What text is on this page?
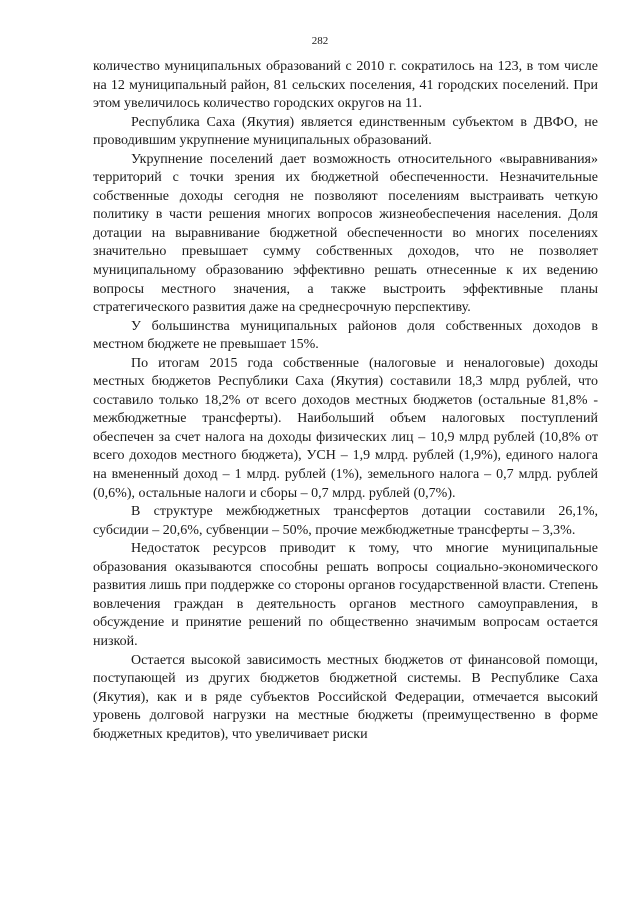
282

количество муниципальных образований с 2010 г. сократилось на 123, в том числе на 12 муниципальный район, 81 сельских поселения, 41 городских поселений. При этом увеличилось количество городских округов на 11.

Республика Саха (Якутия) является единственным субъектом в ДВФО, не проводившим укрупнение муниципальных образований.

Укрупнение поселений дает возможность относительного «выравнивания» территорий с точки зрения их бюджетной обеспеченности. Незначительные собственные доходы сегодня не позволяют поселениям выстраивать четкую политику в части решения многих вопросов жизнеобеспечения населения. Доля дотации на выравнивание бюджетной обеспеченности во многих поселениях значительно превышает сумму собственных доходов, что не позволяет муниципальному образованию эффективно решать отнесенные к их ведению вопросы местного значения, а также выстроить эффективные планы стратегического развития даже на среднесрочную перспективу.

У большинства муниципальных районов доля собственных доходов в местном бюджете не превышает 15%.

По итогам 2015 года собственные (налоговые и неналоговые) доходы местных бюджетов Республики Саха (Якутия) составили 18,3 млрд рублей, что составило только 18,2% от всего доходов местных бюджетов (остальные 81,8% - межбюджетные трансферты). Наибольший объем налоговых поступлений обеспечен за счет налога на доходы физических лиц – 10,9 млрд рублей (10,8% от всего доходов местного бюджета), УСН – 1,9 млрд. рублей (1,9%), единого налога на вмененный доход – 1 млрд. рублей (1%), земельного налога – 0,7 млрд. рублей (0,6%), остальные налоги и сборы – 0,7 млрд. рублей (0,7%).

В структуре межбюджетных трансфертов дотации составили 26,1%, субсидии – 20,6%, субвенции – 50%, прочие межбюджетные трансферты – 3,3%.

Недостаток ресурсов приводит к тому, что многие муниципальные образования оказываются способны решать вопросы социально-экономического развития лишь при поддержке со стороны органов государственной власти. Степень вовлечения граждан в деятельность органов местного самоуправления, в обсуждение и принятие решений по общественно значимым вопросам остается низкой.

Остается высокой зависимость местных бюджетов от финансовой помощи, поступающей из других бюджетов бюджетной системы. В Республике Саха (Якутия), как и в ряде субъектов Российской Федерации, отмечается высокий уровень долговой нагрузки на местные бюджеты (преимущественно в форме бюджетных кредитов), что увеличивает риски
